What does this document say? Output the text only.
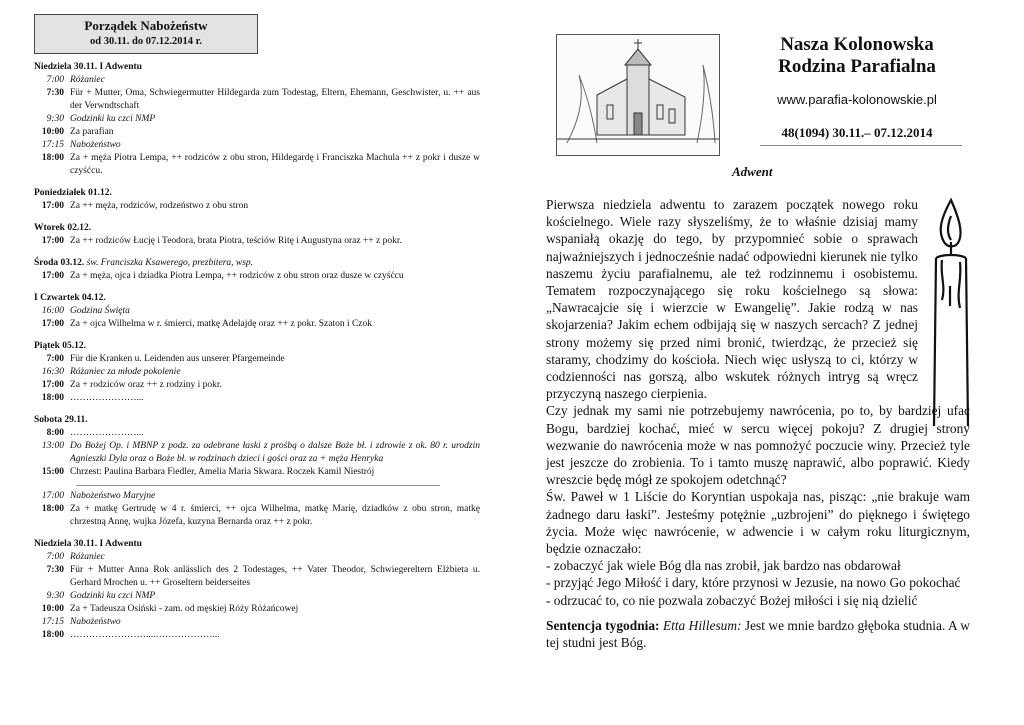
Porządek Nabożeństw
od 30.11. do 07.12.2014 r.
Niedziela 30.11. I Adwentu
7:00 Różaniec
7:30 Für + Mutter, Oma, Schwiegermutter Hildegarda zum Todestag, Eltern, Ehemann, Geschwister, u. ++ aus der Verwndtschaft
9:30 Godzinki ku czci NMP
10:00 Za parafian
17:15 Nabożeństwo
18:00 Za + męża Piotra Lempa, ++ rodziców z obu stron, Hildegardę i Franciszka Machula ++ z pokr i dusze w czyśćcu.
Poniedziałek 01.12.
17:00 Za ++ męża, rodziców, rodzeństwo z obu stron
Wtorek 02.12.
17:00 Za ++ rodziców Łucję i Teodora, brata Piotra, teściów Ritę i Augustyna oraz ++ z pokr.
Środa 03.12. św. Franciszka Ksawerego, prezbitera, wsp.
17:00 Za + męża, ojca i dziadka Piotra Lempa, ++ rodziców z obu stron oraz dusze w czyśćcu
I Czwartek 04.12.
16:00 Godzina Święta
17:00 Za + ojca Wilhelma w r. śmierci, matkę Adelajdę oraz ++ z pokr. Szaton i Czok
Piątek 05.12.
7:00 Für die Kranken u. Leidenden aus unserer Pfargemeinde
16:30 Różaniec za młode pokolenie
17:00 Za + rodziców oraz ++ z rodziny i pokr.
18:00 …………………...
Sobota 29.11.
8:00 …………………...
13:00 Do Bożej Op. i MBNP z podz. za odebrane łaski z prośbą o dalsze Boże bł. i zdrowie z ok. 80 r. urodzin Agnieszki Dyla oraz o Boże bł. w rodzinach dzieci i gości oraz za + męża Henryka
15:00 Chrzest: Paulina Barbara Fiedler, Amelia Maria Skwara. Roczek Kamil Niestrój
17:00 Nabożeństwo Maryjne
18:00 Za + matkę Gertrudę w 4 r. śmierci, ++ ojca Wilhelma, matkę Marię, dziadków z obu stron, matkę chrzestną Annę, wujka Józefa, kuzyna Bernarda oraz ++ z pokr.
Niedziela 30.11. I Adwentu
7:00 Różaniec
7:30 Für + Mutter Anna Rok anlässlich des 2 Todestages, ++ Vater Theodor, Schwiegereltern Elżbieta u. Gerhard Mrochen u. ++ Groseltern beiderseites
9:30 Godzinki ku czci NMP
10:00 Za + Tadeusza Osiński - zam. od męskiej Róży Różańcowej
17:15 Nabożeństwo
18:00 ……………………....………………...
Nasza Kolonowska
Rodzina Parafialna
www.parafia-kolonowskie.pl
48(1094) 30.11.– 07.12.2014
Adwent

Pierwsza niedziela adwentu to zarazem początek nowego roku kościelnego. Wiele razy słyszeliśmy, że to właśnie dzisiaj mamy wspaniałą okazję do tego, by przypomnieć sobie o sprawach najważniejszych i jednocześnie nadać odpowiedni kierunek nie tylko naszemu życiu parafialnemu, ale też rodzinnemu i osobistemu. Tematem rozpoczynającego się roku kościelnego są słowa: „Nawracajcie się i wierzcie w Ewangelię”. Jakie rodzą w nas skojarzenia? Jakim echem odbijają się w naszych sercach? Z jednej strony możemy się przed nimi bronić, twierdząc, że przecież się staramy, chodzimy do kościoła. Niech więc usłyszą to ci, którzy w codzienności nas gorszą, albo wskutek różnych intryg są wręcz przyczyną naszego cierpienia.

Czy jednak my sami nie potrzebujemy nawrócenia, po to, by bardziej ufać Bogu, bardziej kochać, mieć w sercu więcej pokoju? Z drugiej strony wezwanie do nawrócenia może w nas pomnożyć poczucie winy. Przecież tyle jest jeszcze do zrobienia. To i tamto muszę naprawić, albo poprawić. Kiedy wreszcie będę mógł ze spokojem odetchnąć?

Św. Paweł w 1 Liście do Koryntian uspokaja nas, pisząc: „nie brakuje wam żadnego daru łaski”. Jesteśmy potężnie „uzbrojeni” do pięknego i świętego życia. Może więc nawrócenie, w adwencie i w całym roku liturgicznym, będzie oznaczało:

- zobaczyć jak wiele Bóg dla nas zrobił, jak bardzo nas obdarował

- przyjąć Jego Miłość i dary, które przynosi w Jezusie, na nowo Go pokochać

- odrzucać to, co nie pozwala zobaczyć Bożej miłości i się nią dzielić

Sentencja tygodnia: Etta Hillesum: Jest we mnie bardzo głęboka studnia. A w tej studni jest Bóg.
